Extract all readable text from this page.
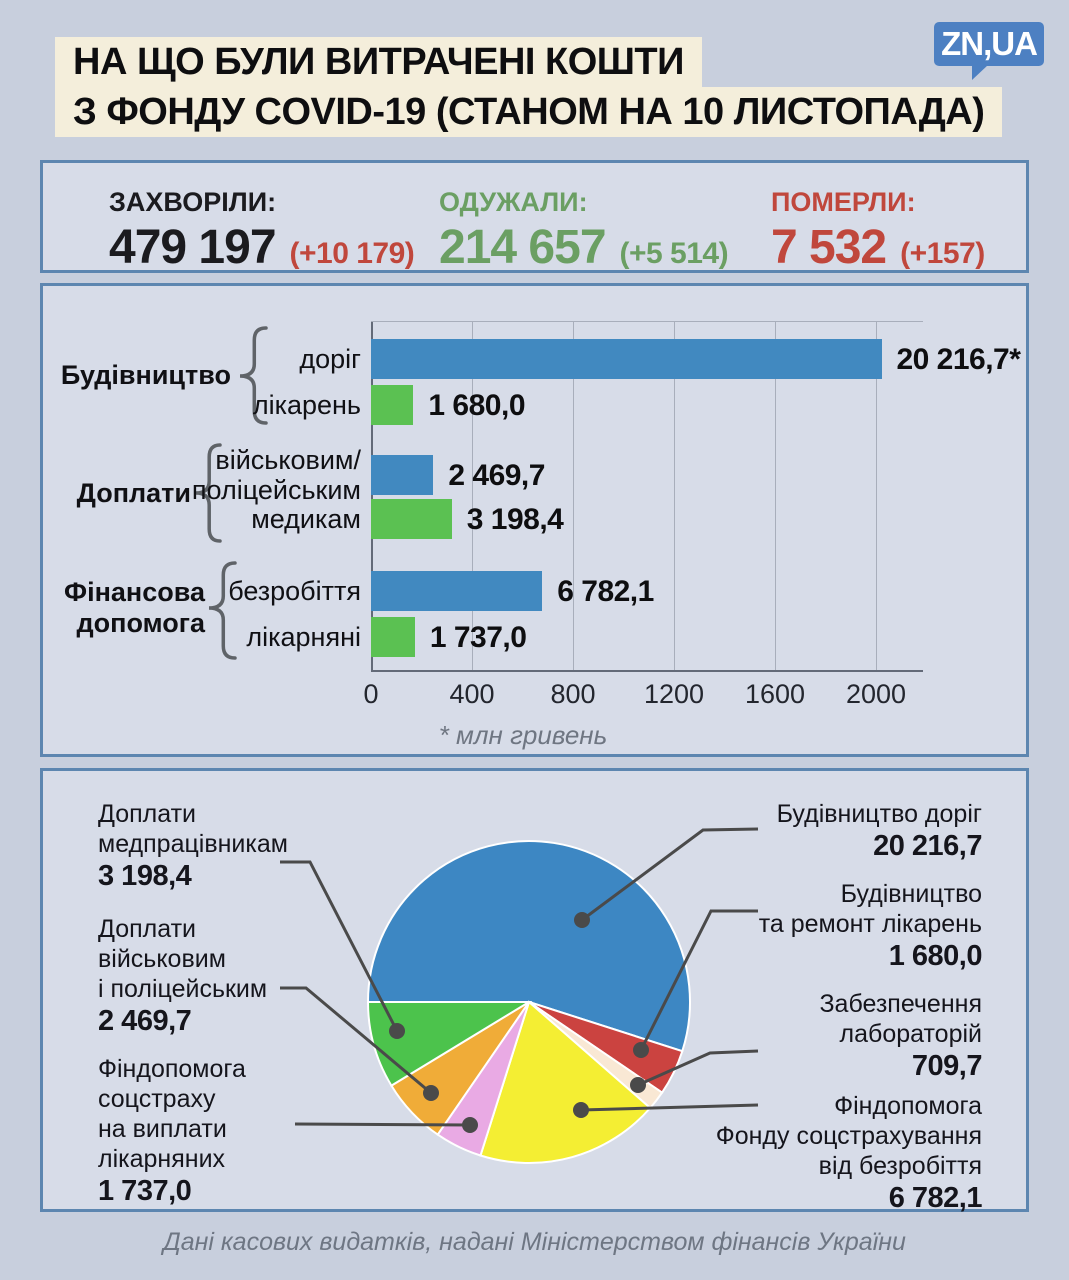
НА ЩО БУЛИ ВИТРАЧЕНІ КОШТИ
З ФОНДУ COVID-19 (СТАНОМ НА 10 ЛИСТОПАДА)
ZN,UA
ЗАХВОРІЛИ:
479 197 (+10 179)
ОДУЖАЛИ:
214 657 (+5 514)
ПОМЕРЛИ:
7 532 (+157)
Будівництво
Доплати
Фінансова
допомога
доріг
лікарень
військовим/
поліцейським
медикам
безробіття
лікарняні
20 216,7*
1 680,0
2 469,7
3 198,4
6 782,1
1 737,0
0	400	800	1200	1600	2000
* млн гривень
Доплати
медпрацівникам
3 198,4
Доплати
військовим
і поліцейським
2 469,7
Фіндопомога
соцстраху
на виплати
лікарняних
1 737,0
Будівництво доріг
20 216,7
Будівництво
та ремонт лікарень
1 680,0
Забезпечення
лабораторій
709,7
Фіндопомога
Фонду соцстрахування
від безробіття
6 782,1
Дані касових видатків, надані Міністерством фінансів України
